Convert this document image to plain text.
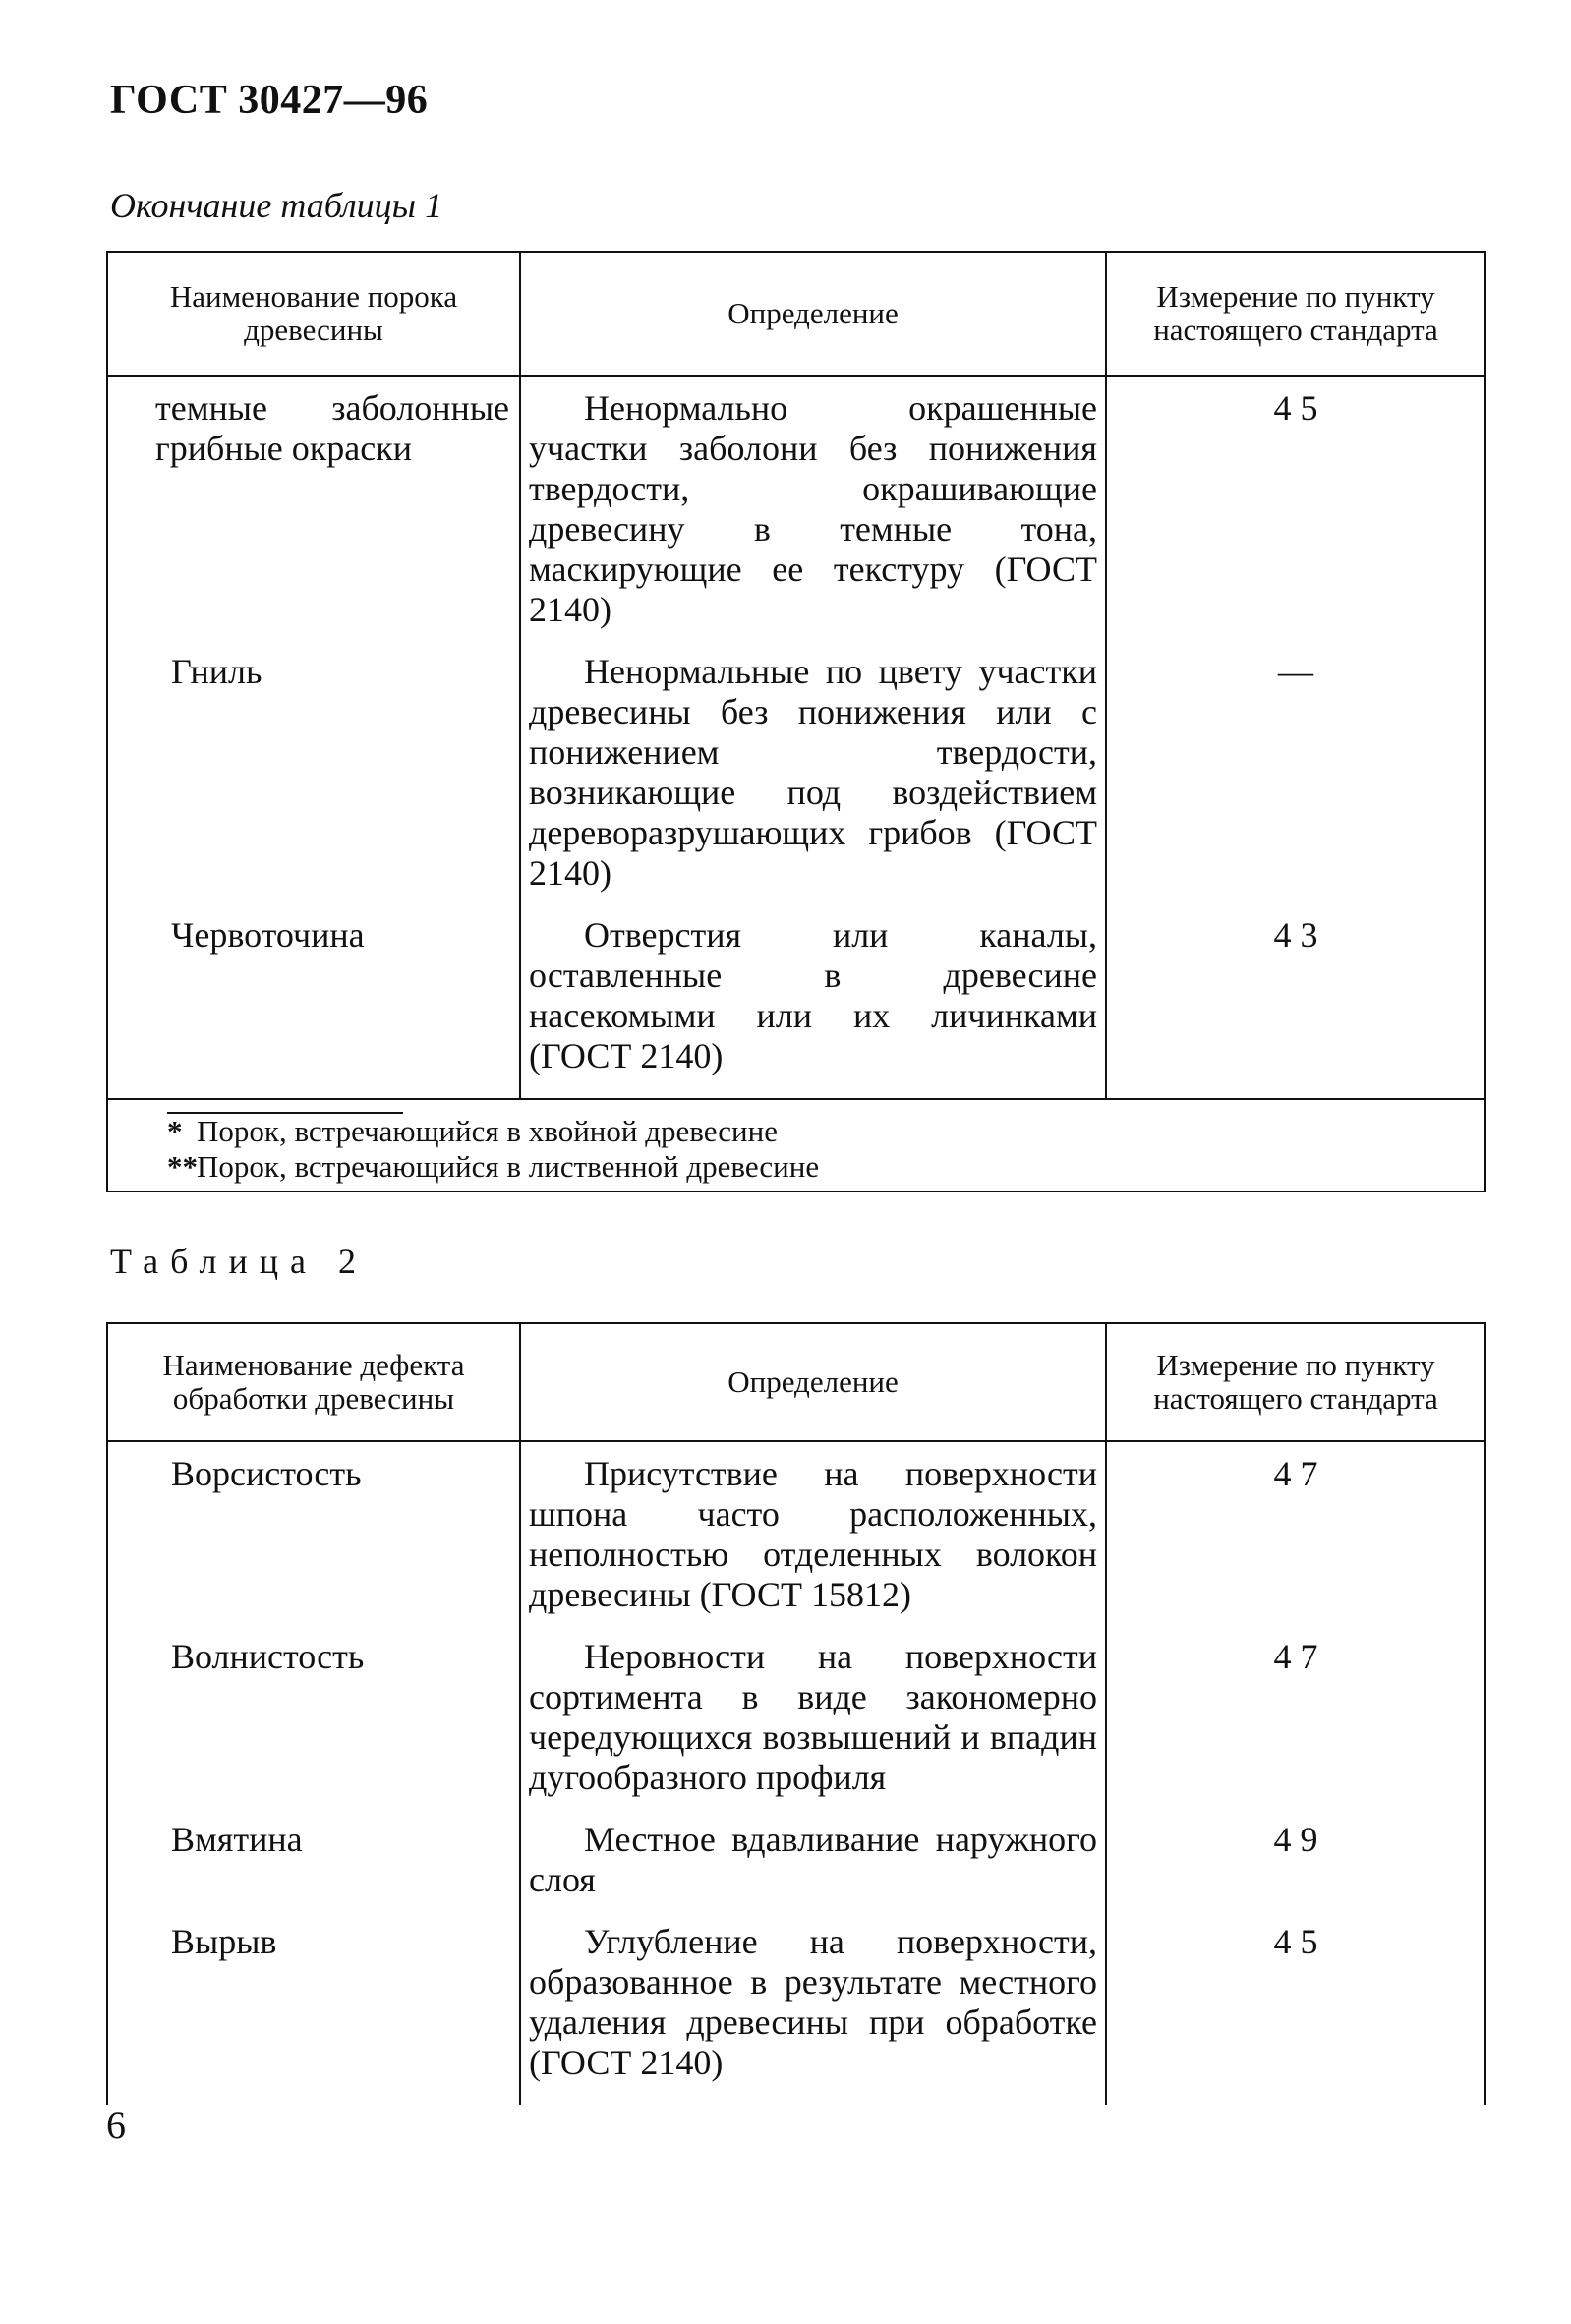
ГОСТ 30427—96
Окончание таблицы 1
Наименование порока древесины	Определение	Измерение по пункту настоящего стандарта
темные заболонные грибные окраски	Ненормально окрашенные участки заболони без понижения твердости, окрашивающие древесину в темные тона, маскирующие ее текстуру (ГОСТ 2140)	4 5
Гниль	Ненормальные по цвету участки древесины без понижения или с понижением твердости, возникающие под воздействием дереворазрушающих грибов (ГОСТ 2140)	—
Червоточина	Отверстия или каналы, оставленные в древесине насекомыми или их личинками (ГОСТ 2140)	4 3

* Порок, встречающийся в хвойной древесине
**Порок, встречающийся в лиственной древесине		
Таблица 2
Наименование дефекта обработки древесины	Определение	Измерение по пункту настоящего стандарта
Ворсистость	Присутствие на поверхности шпона часто расположенных, неполностью отделенных волокон древесины (ГОСТ 15812)	4 7
Волнистость	Неровности на поверхности сортимента в виде закономерно чередующихся возвышений и впадин дугообразного профиля	4 7
Вмятина	Местное вдавливание наружного слоя	4 9
Вырыв	Углубление на поверхности, образованное в результате местного удаления древесины при обработке (ГОСТ 2140)	4 5
6
